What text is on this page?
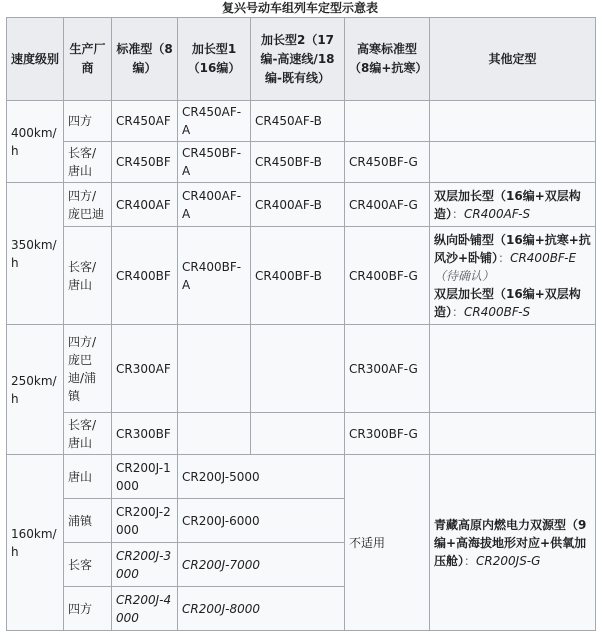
复兴号动车组列车定型示意表
速度级别	生产厂商	标准型（8编）	加长型1（16编）	加长型2（17编-高速线/18编-既有线）	高寒标准型（8编+抗寒）	其他定型
400km/h	四方	CR450AF	CR450AF-A	CR450AF-B		
	长客/唐山	CR450BF	CR450BF-A	CR450BF-B	CR450BF-G	
350km/h	四方/庞巴迪	CR400AF	CR400AF-A	CR400AF-B	CR400AF-G	双层加长型（16编+双层构造）：CR400AF-S
	长客/唐山	CR400BF	CR400BF-A	CR400BF-B	CR400BF-G	纵向卧铺型（16编+抗寒+抗风沙+卧铺）：CR400BF-E
（待确认）
双层加长型（16编+双层构造）：CR400BF-S
250km/h	四方/庞巴迪/浦镇	CR300AF			CR300AF-G	
	长客/唐山	CR300BF			CR300BF-G	
160km/h	唐山	CR200J-1000	CR200J-5000		不适用	青藏高原内燃电力双源型（9编+高海拔地形对应+供氧加压舱）：CR200JS-G
	浦镇	CR200J-2000	CR200J-6000			
	长客	CR200J-3000	CR200J-7000			
	四方	CR200J-4000	CR200J-8000			
